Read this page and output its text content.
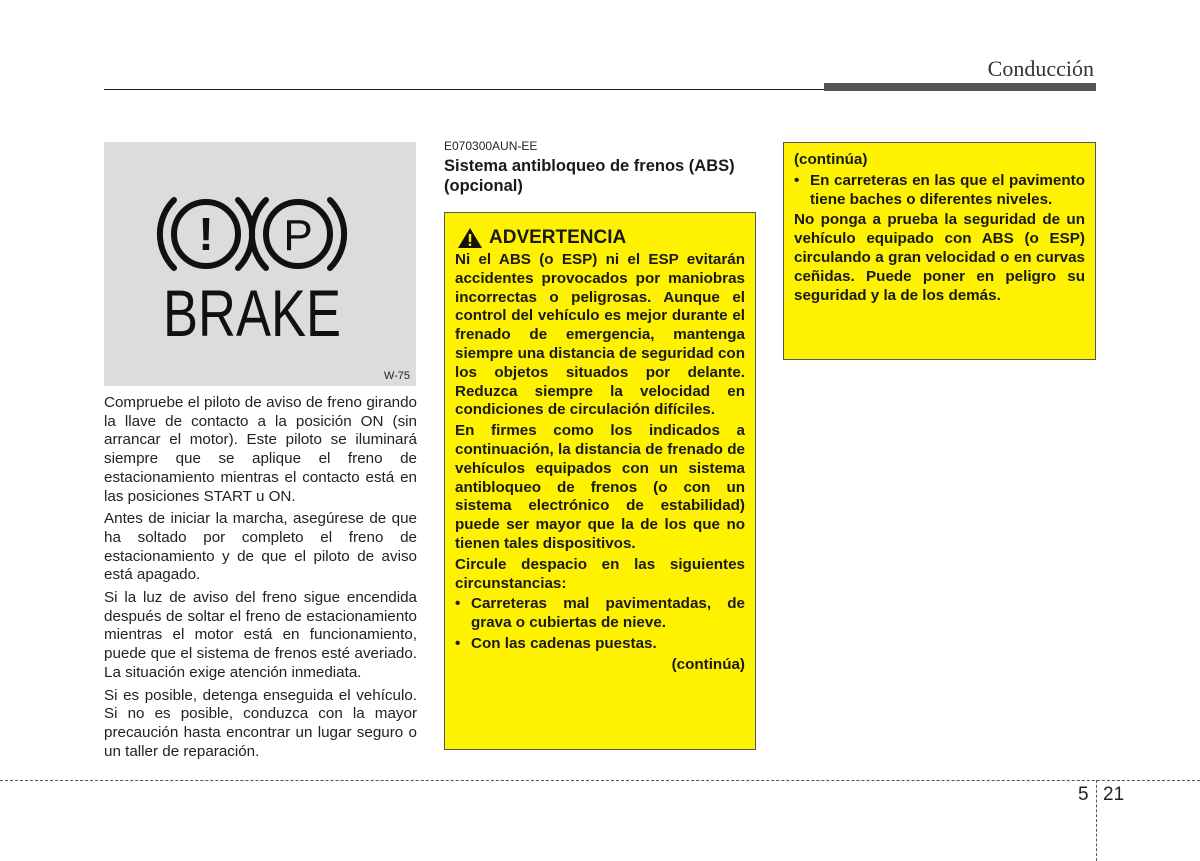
Conducción
! P
BRAKE
W-75

Compruebe el piloto de aviso de freno girando la llave de contacto a la posición ON (sin arrancar el motor). Este piloto se iluminará siempre que se aplique el freno de estacionamiento mientras el contacto está en las posiciones START u ON.

Antes de iniciar la marcha, asegúrese de que ha soltado por completo el freno de estacionamiento y de que el piloto de aviso está apagado.

Si la luz de aviso del freno sigue encendida después de soltar el freno de estacionamiento mientras el motor está en funcionamiento, puede que el sistema de frenos esté averiado. La situación exige atención inmediata.

Si es posible, detenga enseguida el vehículo. Si no es posible, conduzca con la mayor precaución hasta encontrar un lugar seguro o un taller de reparación.

E070300AUN-EE
Sistema antibloqueo de frenos (ABS) (opcional)
ADVERTENCIA

Ni el ABS (o ESP) ni el ESP evitarán accidentes provocados por maniobras incorrectas o peligrosas. Aunque el control del vehículo es mejor durante el frenado de emergencia, mantenga siempre una distancia de seguridad con los objetos situados por delante. Reduzca siempre la velocidad en condiciones de circulación difíciles.

En firmes como los indicados a continuación, la distancia de frenado de vehículos equipados con un sistema antibloqueo de frenos (o con un sistema electrónico de estabilidad) puede ser mayor que la de los que no tienen tales dispositivos.

Circule despacio en las siguientes circunstancias:

• Carreteras mal pavimentadas, de grava o cubiertas de nieve.
• Con las cadenas puestas.
(continúa)

(continúa)

• En carreteras en las que el pavimento tiene baches o diferentes niveles.

No ponga a prueba la seguridad de un vehículo equipado con ABS (o ESP) circulando a gran velocidad o en curvas ceñidas. Puede poner en peligro su seguridad y la de los demás.

5 21
